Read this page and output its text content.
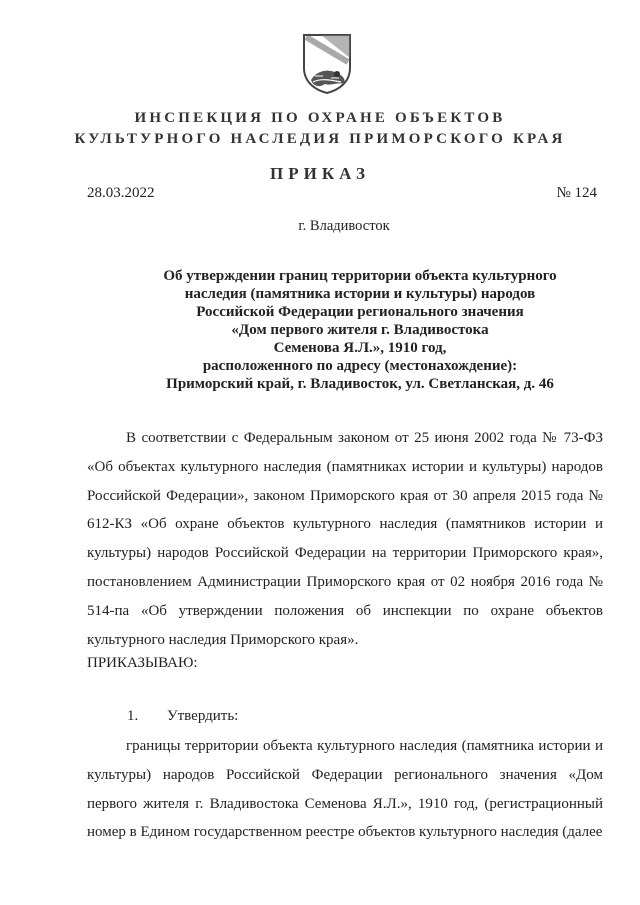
ИНСПЕКЦИЯ ПО ОХРАНЕ ОБЪЕКТОВ
КУЛЬТУРНОГО НАСЛЕДИЯ ПРИМОРСКОГО КРАЯ
ПРИКАЗ
28.03.2022	№ 124
г. Владивосток
Об утверждении границ территории объекта культурного
наследия (памятника истории и культуры) народов
Российской Федерации регионального значения
«Дом первого жителя г. Владивостока
Семенова Я.Л.», 1910 год,
расположенного по адресу (местонахождение):
Приморский край, г. Владивосток, ул. Светланская, д. 46

В соответствии с Федеральным законом от 25 июня 2002 года № 73-ФЗ «Об объектах культурного наследия (памятниках истории и культуры) народов Российской Федерации», законом Приморского края от 30 апреля 2015 года № 612-КЗ «Об охране объектов культурного наследия (памятников истории и культуры) народов Российской Федерации на территории Приморского края», постановлением Администрации Приморского края от 02 ноября 2016 года № 514-па «Об утверждении положения об инспекции по охране объектов культурного наследия Приморского края».

ПРИКАЗЫВАЮ:
1. Утвердить:

границы территории объекта культурного наследия (памятника истории и культуры) народов Российской Федерации регионального значения «Дом первого жителя г. Владивостока Семенова Я.Л.», 1910 год, (регистрационный номер в Едином государственном реестре объектов культурного наследия (далее
